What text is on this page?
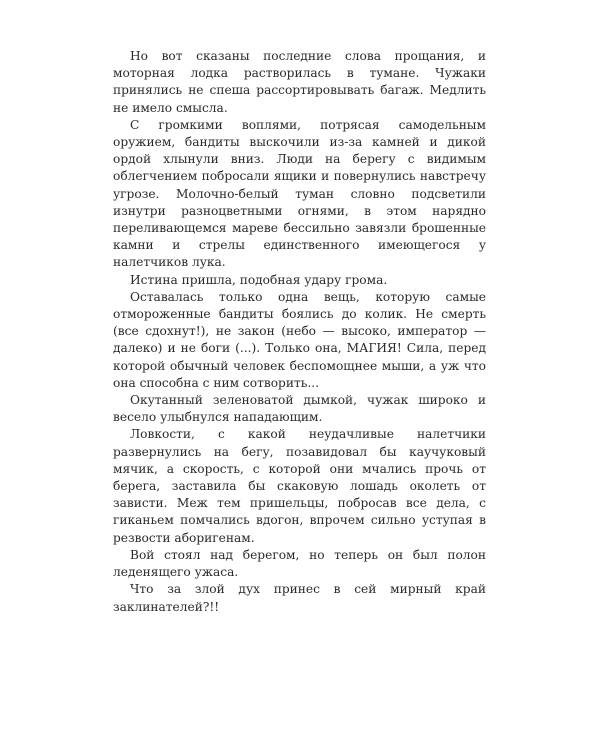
Но вот сказаны последние слова прощания, и моторная лодка растворилась в тумане. Чужаки принялись не спеша рассортировывать багаж. Медлить не имело смысла.

С громкими воплями, потрясая самодельным оружием, бандиты выскочили из-за камней и дикой ордой хлынули вниз. Люди на берегу с видимым облегчением побросали ящики и повернулись навстречу угрозе. Молочно-белый туман словно подсветили изнутри разноцветными огнями, в этом нарядно переливающемся мареве бессильно завязли брошенные камни и стрелы единственного имеющегося у налетчиков лука.

Истина пришла, подобная удару грома.

Оставалась только одна вещь, которую самые отмороженные бандиты боялись до колик. Не смерть (все сдохнут!), не закон (небо — высоко, император — далеко) и не боги (...). Только она, МАГИЯ! Сила, перед которой обычный человек беспомощнее мыши, а уж что она способна с ним сотворить...

Окутанный зеленоватой дымкой, чужак широко и весело улыбнулся нападающим.

Ловкости, с какой неудачливые налетчики развернулись на бегу, позавидовал бы каучуковый мячик, а скорость, с которой они мчались прочь от берега, заставила бы скаковую лошадь околеть от зависти. Меж тем пришельцы, побросав все дела, с гиканьем помчались вдогон, впрочем сильно уступая в резвости аборигенам.

Вой стоял над берегом, но теперь он был полон леденящего ужаса.

Что за злой дух принес в сей мирный край заклинателей?!!
